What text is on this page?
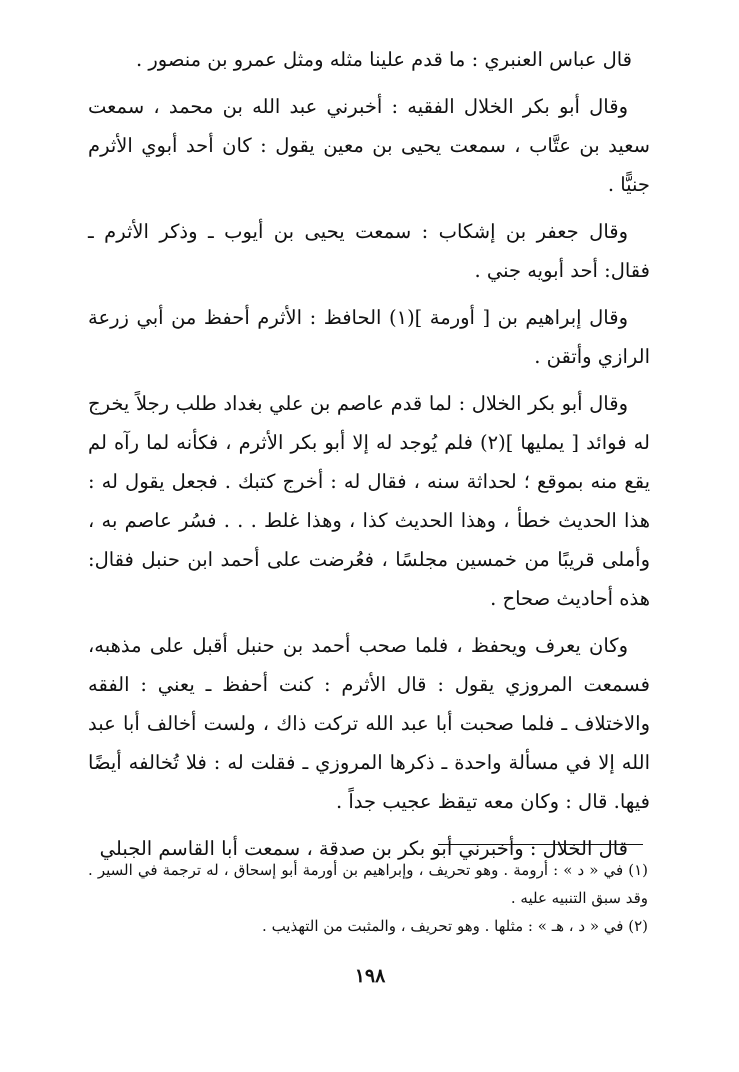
قال عباس العنبري : ما قدم علينا مثله ومثل عمرو بن منصور .

وقال أبو بكر الخلال الفقيه : أخبرني عبد الله بن محمد ، سمعت سعيد بن عتَّاب ، سمعت يحيى بن معين يقول : كان أحد أبوي الأثرم جنيًّا .

وقال جعفر بن إشكاب : سمعت يحيى بن أيوب ـ وذكر الأثرم ـ فقال: أحد أبويه جني .

وقال إبراهيم بن [ أورمة ](١) الحافظ : الأثرم أحفظ من أبي زرعة الرازي وأتقن .

وقال أبو بكر الخلال : لما قدم عاصم بن علي بغداد طلب رجلاً يخرج له فوائد [ يمليها ](٢) فلم يُوجد له إلا أبو بكر الأثرم ، فكأنه لما رآه لم يقع منه بموقع ؛ لحداثة سنه ، فقال له : أخرج كتبك . فجعل يقول له : هذا الحديث خطأ ، وهذا الحديث كذا ، وهذا غلط . . . فسُر عاصم به ، وأملى قريبًا من خمسين مجلسًا ، فعُرضت على أحمد ابن حنبل فقال: هذه أحاديث صحاح .

وكان يعرف ويحفظ ، فلما صحب أحمد بن حنبل أقبل على مذهبه، فسمعت المروزي يقول : قال الأثرم : كنت أحفظ ـ يعني : الفقه والاختلاف ـ فلما صحبت أبا عبد الله تركت ذاك ، ولست أخالف أبا عبد الله إلا في مسألة واحدة ـ ذكرها المروزي ـ فقلت له : فلا تُخالفه أيضًا فيها. قال : وكان معه تيقظ عجيب جداً .

قال الخلال : وأخبرني أبو بكر بن صدقة ، سمعت أبا القاسم الجبلي

(١) في « د » : أرومة . وهو تحريف ، وإبراهيم بن أورمة أبو إسحاق ، له ترجمة في السير . وقد سبق التنبيه عليه .

(٢) في « د ، هـ » : مثلها . وهو تحريف ، والمثبت من التهذيب .

١٩٨
